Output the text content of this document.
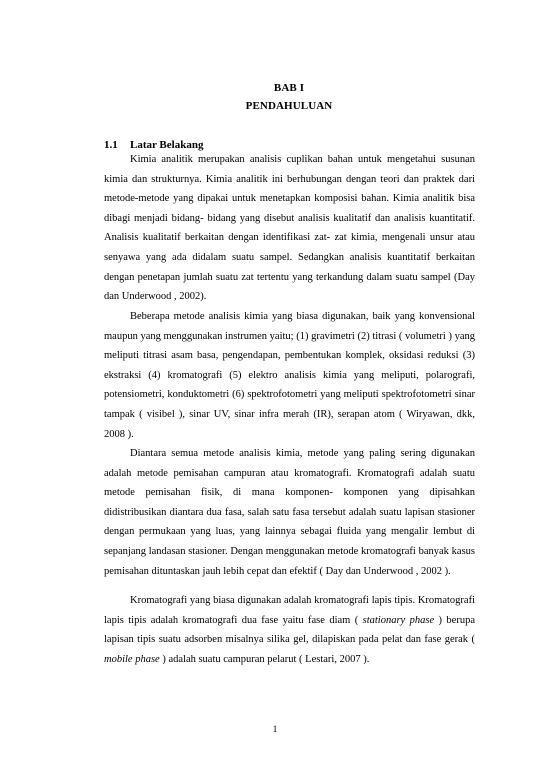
BAB I
PENDAHULUAN
1.1 Latar Belakang

Kimia analitik merupakan analisis cuplikan bahan untuk mengetahui susunan kimia dan strukturnya. Kimia analitik ini berhubungan dengan teori dan praktek dari metode-metode yang dipakai untuk menetapkan komposisi bahan. Kimia analitik bisa dibagi menjadi bidang- bidang yang disebut analisis kualitatif dan analisis kuantitatif. Analisis kualitatif berkaitan dengan identifikasi zat- zat kimia, mengenali unsur atau senyawa yang ada didalam suatu sampel. Sedangkan analisis kuantitatif berkaitan dengan penetapan jumlah suatu zat tertentu yang terkandung dalam suatu sampel (Day dan Underwood , 2002).

Beberapa metode analisis kimia yang biasa digunakan, baik yang konvensional maupun yang menggunakan instrumen yaitu; (1) gravimetri (2) titrasi ( volumetri ) yang meliputi titrasi asam basa, pengendapan, pembentukan komplek, oksidasi reduksi (3) ekstraksi (4) kromatografi (5) elektro analisis kimia yang meliputi, polarografi, potensiometri, konduktometri (6) spektrofotometri yang meliputi spektrofotometri sinar tampak ( visibel ), sinar UV, sinar infra merah (IR), serapan atom ( Wiryawan, dkk, 2008 ).

Diantara semua metode analisis kimia, metode yang paling sering digunakan adalah metode pemisahan campuran atau kromatografi. Kromatografi adalah suatu metode pemisahan fisik, di mana komponen- komponen yang dipisahkan didistribusikan diantara dua fasa, salah satu fasa tersebut adalah suatu lapisan stasioner dengan permukaan yang luas, yang lainnya sebagai fluida yang mengalir lembut di sepanjang landasan stasioner. Dengan menggunakan metode kromatografi banyak kasus pemisahan dituntaskan jauh lebih cepat dan efektif ( Day dan Underwood , 2002 ).

Kromatografi yang biasa digunakan adalah kromatografi lapis tipis. Kromatografi lapis tipis adalah kromatografi dua fase yaitu fase diam ( stationary phase ) berupa lapisan tipis suatu adsorben misalnya silika gel, dilapiskan pada pelat dan fase gerak ( mobile phase ) adalah suatu campuran pelarut ( Lestari, 2007 ).

1
